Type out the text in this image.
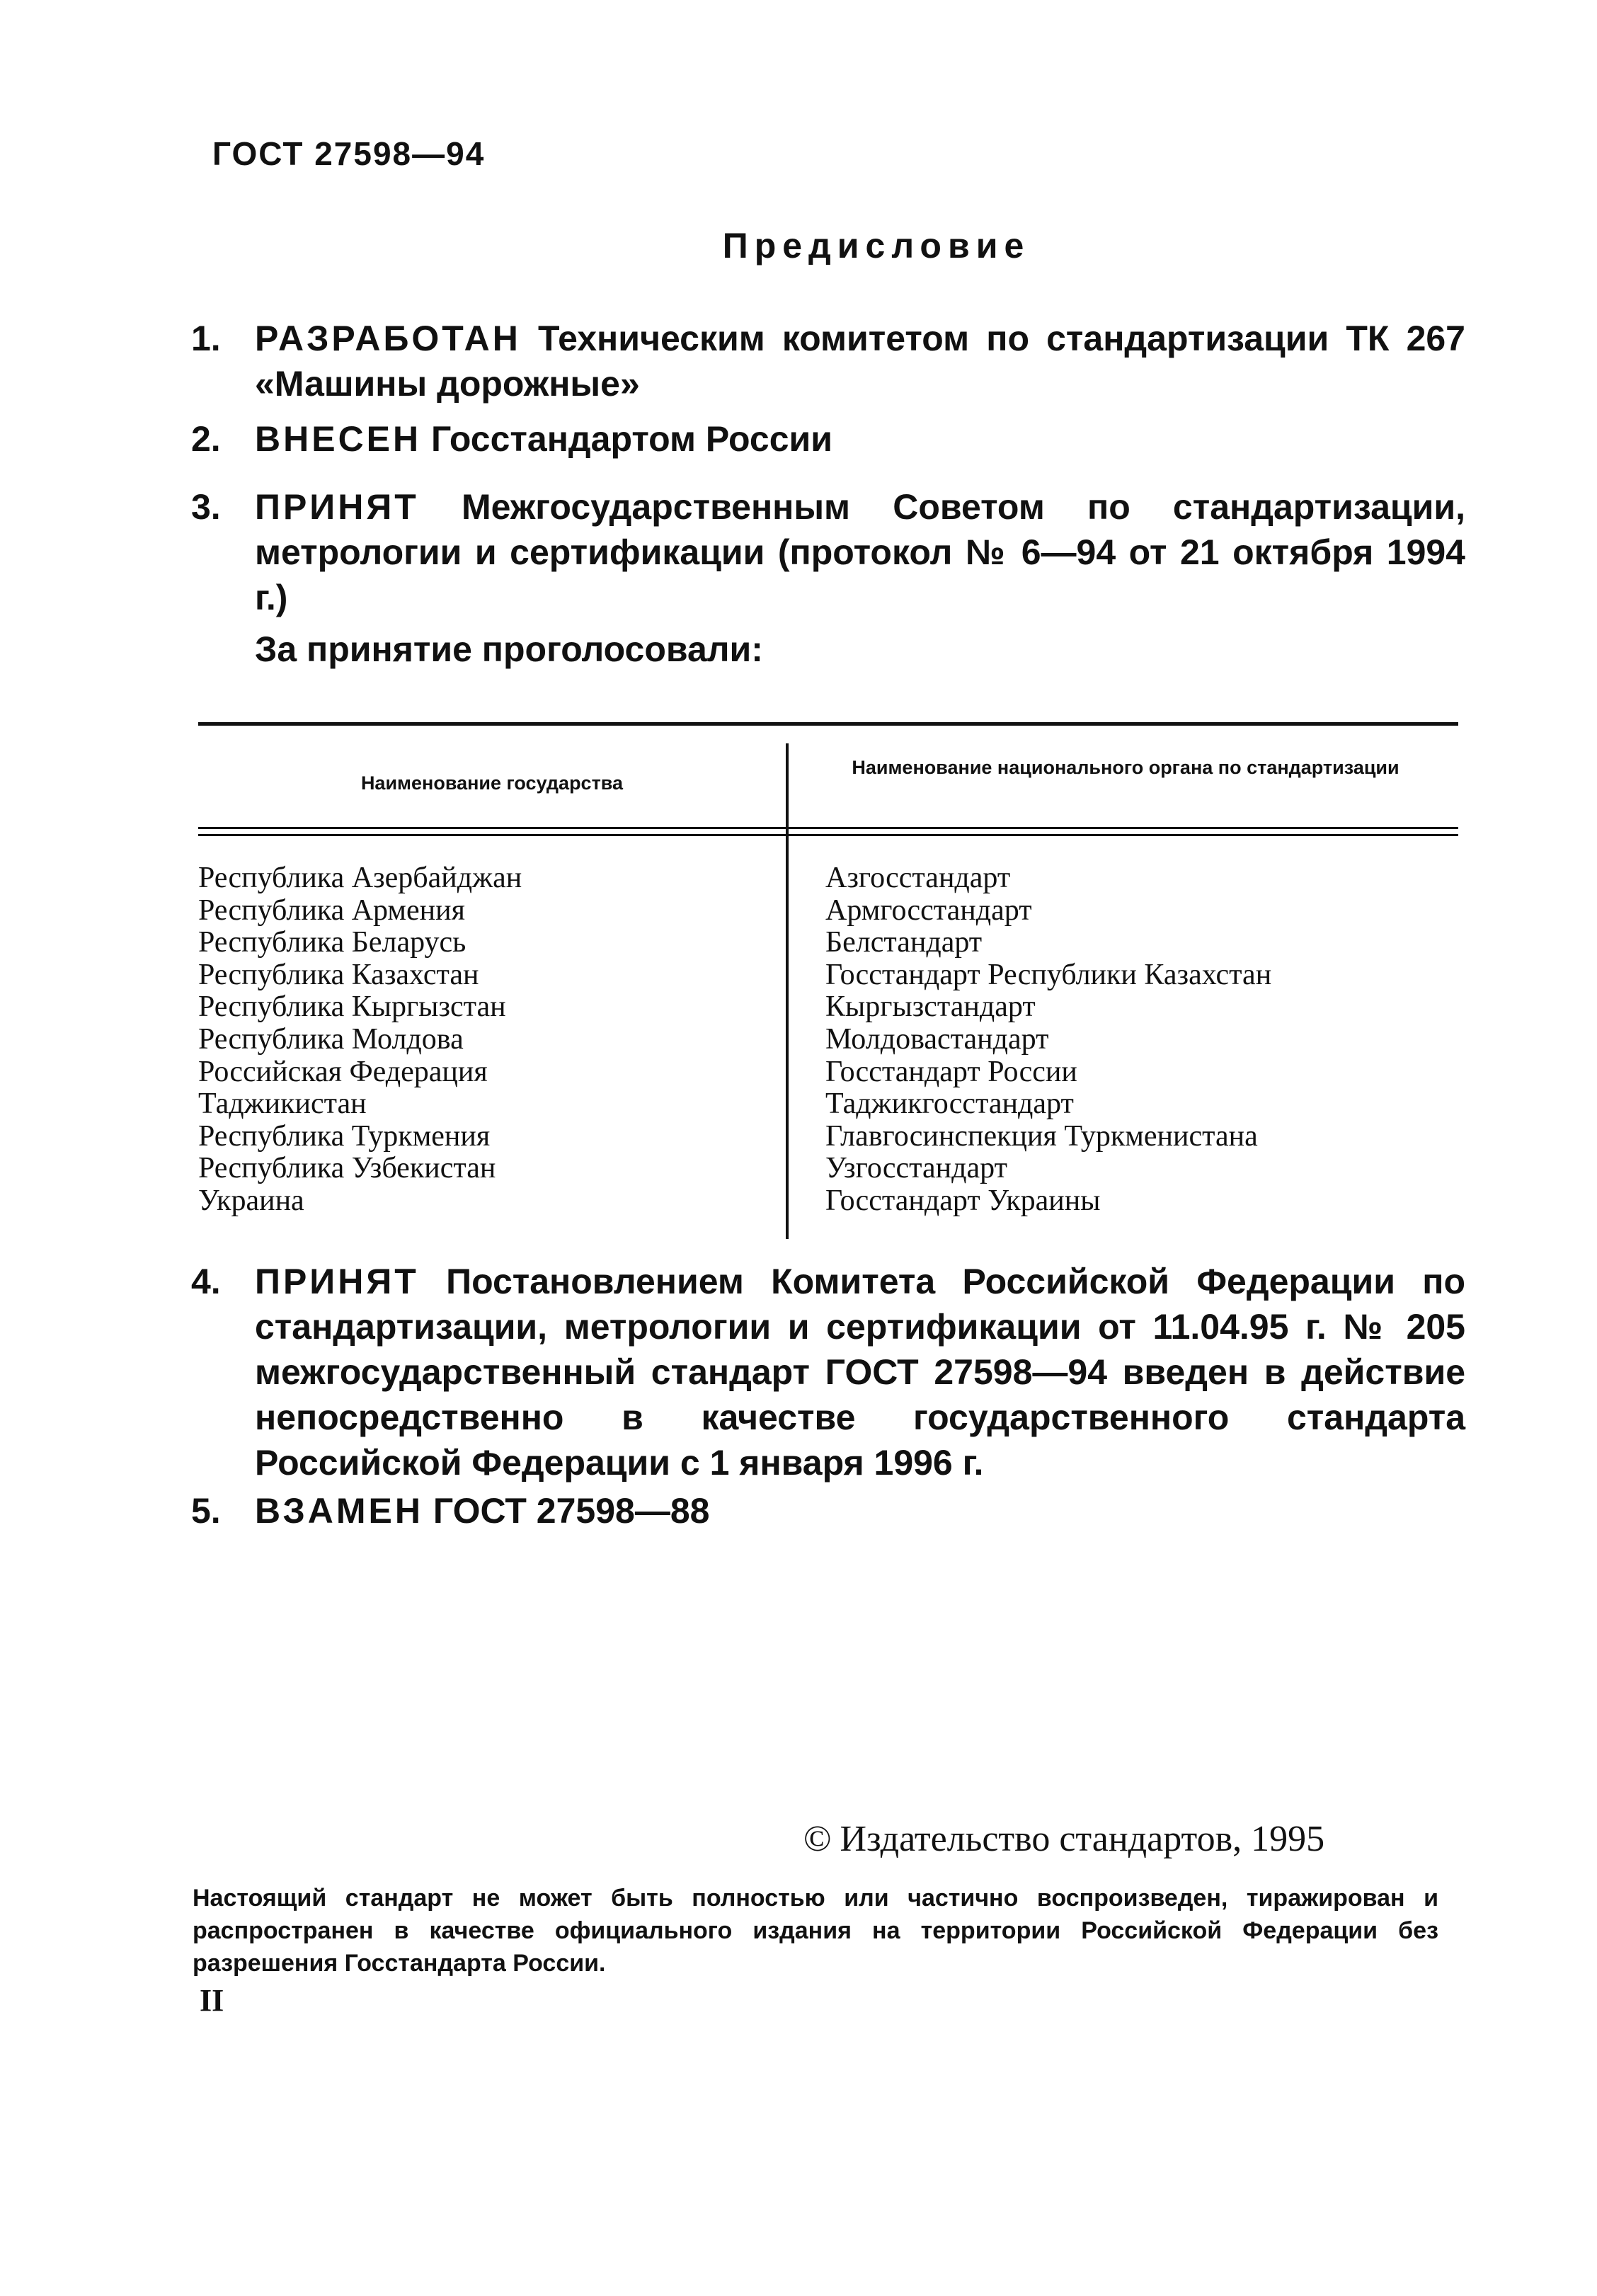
ГОСТ 27598—94
Предисловие
1. РАЗРАБОТАН Техническим комитетом по стандартизации ТК 267 «Машины дорожные»
2. ВНЕСЕН Госстандартом России
3. ПРИНЯТ Межгосударственным Советом по стандартизации, метрологии и сертификации (протокол № 6—94 от 21 октября 1994 г.)
За принятие проголосовали:
Наименование государства
Наименование национального органа по стандартизации
Республика Азербайджан
Республика Армения
Республика Беларусь
Республика Казахстан
Республика Кыргызстан
Республика Молдова
Российская Федерация
Таджикистан
Республика Туркмения
Республика Узбекистан
Украина
Азгосстандарт
Армгосстандарт
Белстандарт
Госстандарт Республики Казахстан
Кыргызстандарт
Молдовастандарт
Госстандарт России
Таджикгосстандарт
Главгосинспекция Туркменистана
Узгосстандарт
Госстандарт Украины
4. ПРИНЯТ Постановлением Комитета Российской Федерации по стандартизации, метрологии и сертификации от 11.04.95 г. № 205 межгосударственный стандарт ГОСТ 27598—94 введен в действие непосредственно в качестве государственного стандарта Российской Федерации с 1 января 1996 г.
5. ВЗАМЕН ГОСТ 27598—88
© Издательство стандартов, 1995
Настоящий стандарт не может быть полностью или частично воспроизведен, тиражирован и распространен в качестве официального издания на территории Российской Федерации без разрешения Госстандарта России.
II
